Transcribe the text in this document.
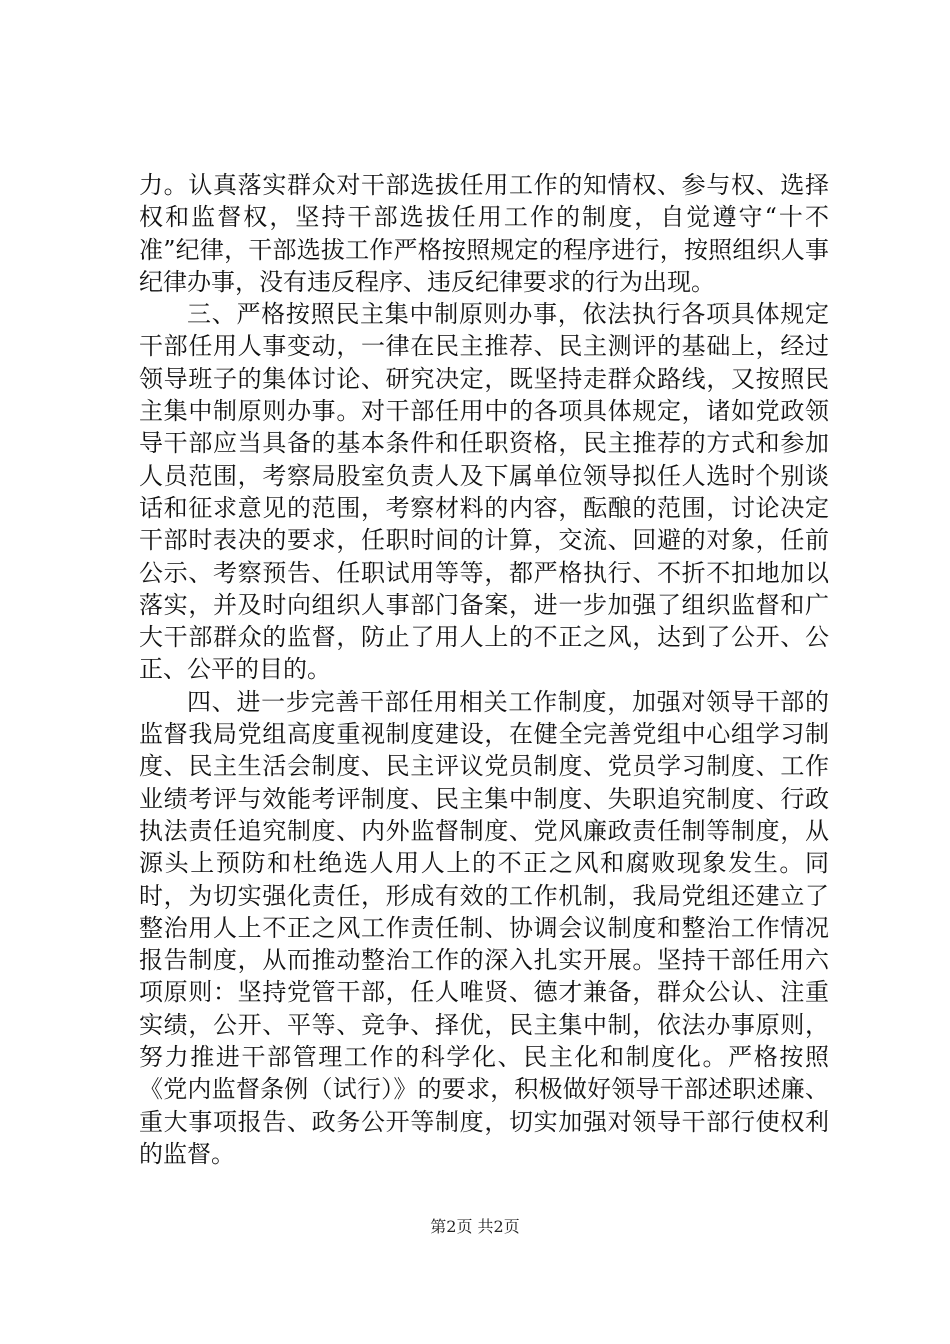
力。认真落实群众对干部选拔任用工作的知情权、参与权、选择权和监督权，坚持干部选拔任用工作的制度，自觉遵守“十不准”纪律，干部选拔工作严格按照规定的程序进行，按照组织人事纪律办事，没有违反程序、违反纪律要求的行为出现。

三、严格按照民主集中制原则办事，依法执行各项具体规定干部任用人事变动，一律在民主推荐、民主测评的基础上，经过领导班子的集体讨论、研究决定，既坚持走群众路线，又按照民主集中制原则办事。对干部任用中的各项具体规定，诸如党政领导干部应当具备的基本条件和任职资格，民主推荐的方式和参加人员范围，考察局股室负责人及下属单位领导拟任人选时个别谈话和征求意见的范围，考察材料的内容，酝酿的范围，讨论决定干部时表决的要求，任职时间的计算，交流、回避的对象，任前公示、考察预告、任职试用等等，都严格执行、不折不扣地加以落实，并及时向组织人事部门备案，进一步加强了组织监督和广大干部群众的监督，防止了用人上的不正之风，达到了公开、公正、公平的目的。

四、进一步完善干部任用相关工作制度，加强对领导干部的监督我局党组高度重视制度建设，在健全完善党组中心组学习制度、民主生活会制度、民主评议党员制度、党员学习制度、工作业绩考评与效能考评制度、民主集中制度、失职追究制度、行政执法责任追究制度、内外监督制度、党风廉政责任制等制度，从源头上预防和杜绝选人用人上的不正之风和腐败现象发生。同时，为切实强化责任，形成有效的工作机制，我局党组还建立了整治用人上不正之风工作责任制、协调会议制度和整治工作情况报告制度，从而推动整治工作的深入扎实开展。坚持干部任用六项原则：坚持党管干部，任人唯贤、德才兼备，群众公认、注重实绩，公开、平等、竞争、择优，民主集中制，依法办事原则，努力推进干部管理工作的科学化、民主化和制度化。严格按照《党内监督条例（试行）》的要求，积极做好领导干部述职述廉、重大事项报告、政务公开等制度，切实加强对领导干部行使权利的监督。

第2页 共2页
